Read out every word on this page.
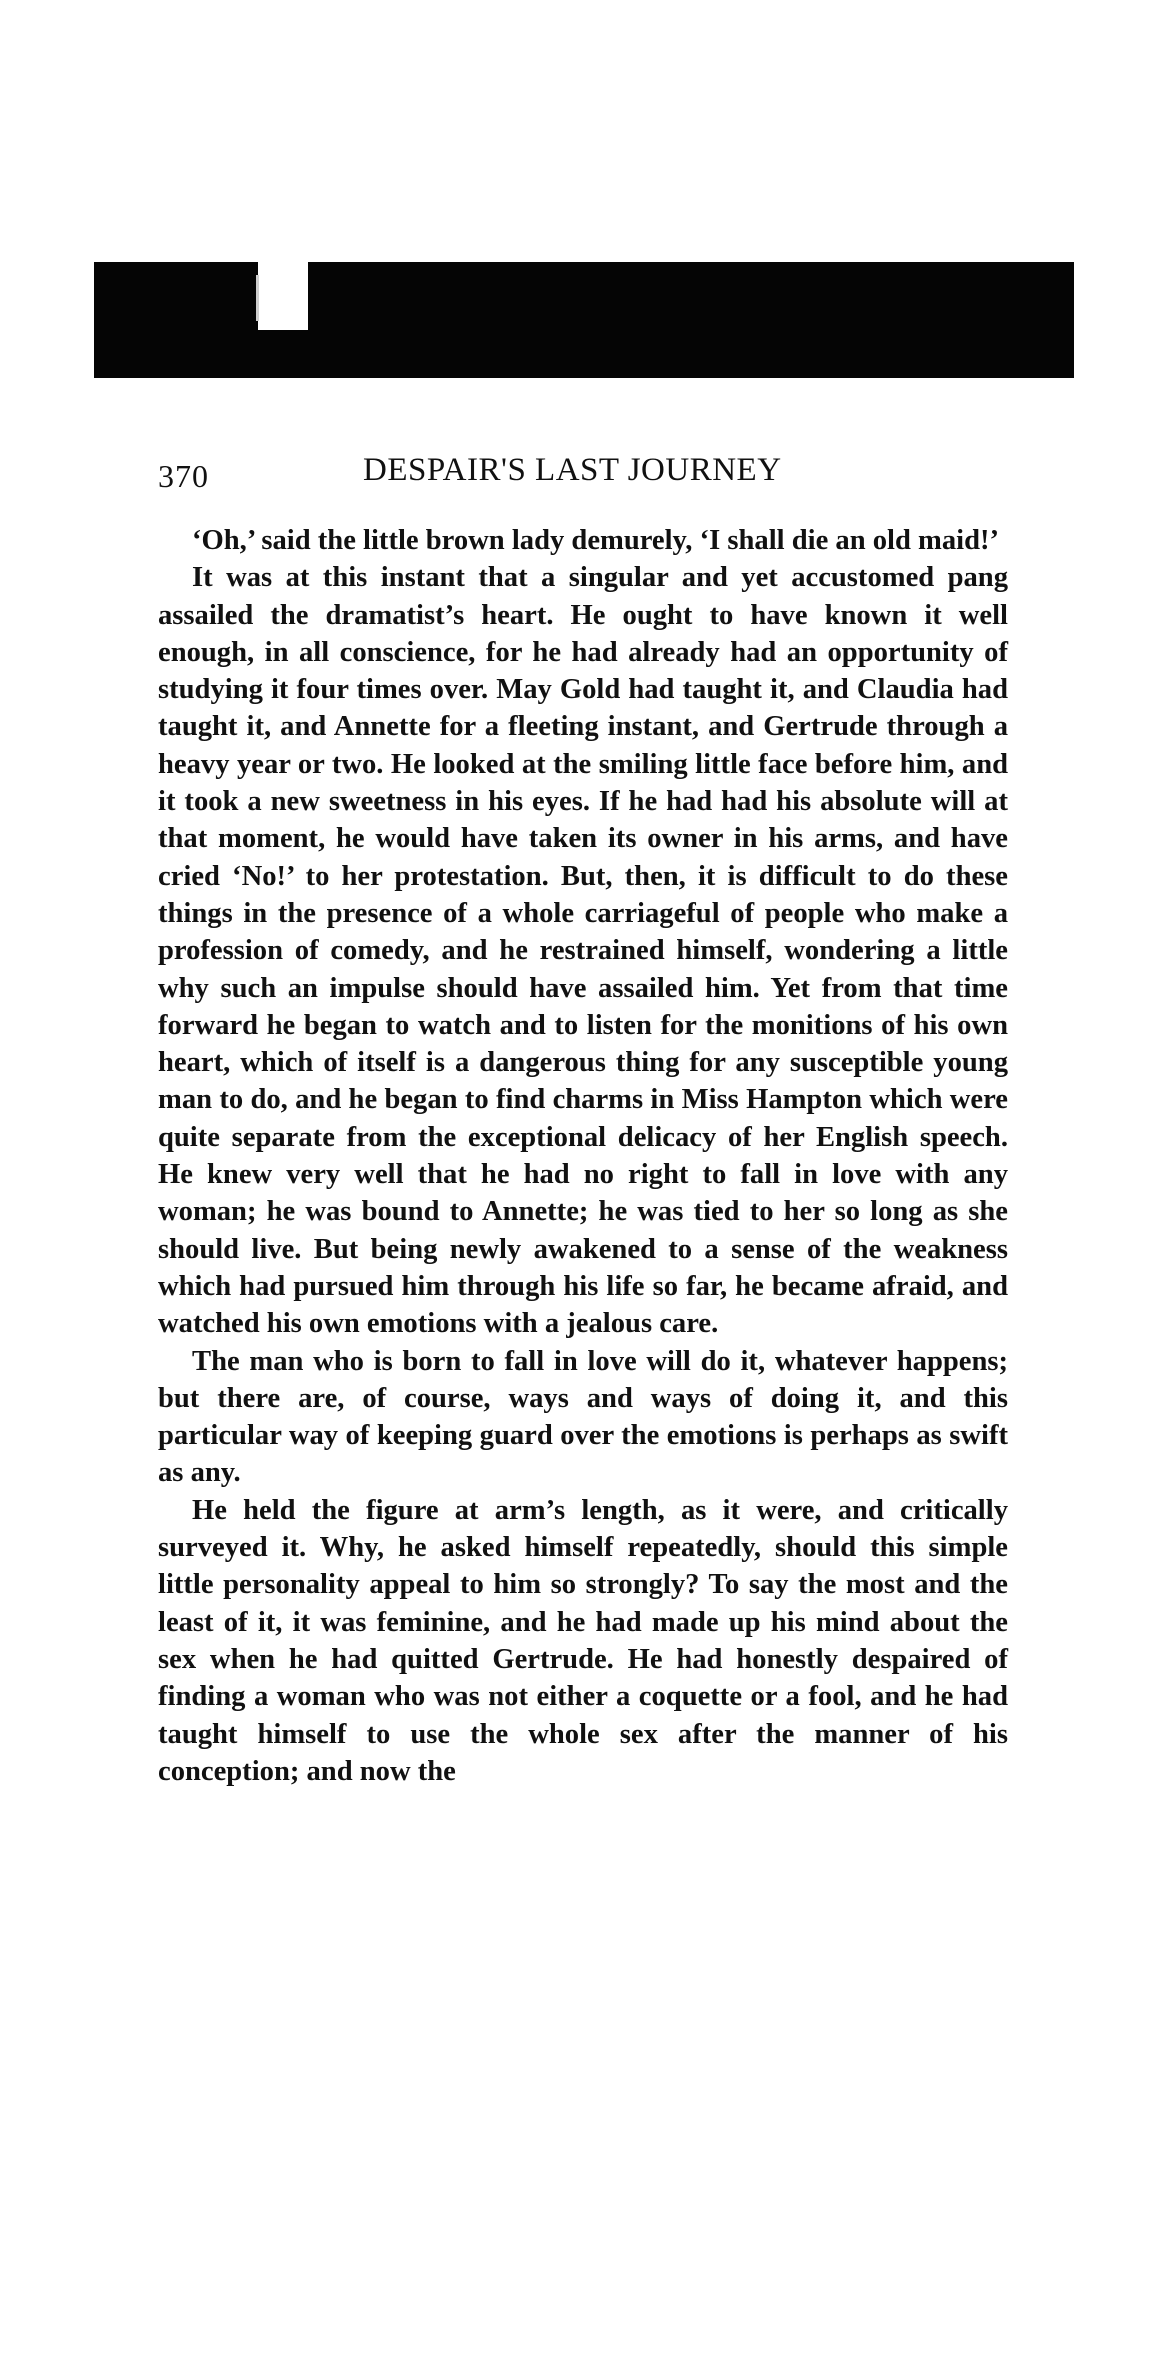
370	DESPAIR'S LAST JOURNEY

‘Oh,’ said the little brown lady demurely, ‘I shall die an old maid!’

It was at this instant that a singular and yet accustomed pang assailed the dramatist’s heart. He ought to have known it well enough, in all conscience, for he had already had an opportunity of studying it four times over. May Gold had taught it, and Claudia had taught it, and Annette for a fleeting instant, and Gertrude through a heavy year or two. He looked at the smiling little face before him, and it took a new sweetness in his eyes. If he had had his absolute will at that moment, he would have taken its owner in his arms, and have cried ‘No!’ to her protestation. But, then, it is difficult to do these things in the presence of a whole carriageful of people who make a profession of comedy, and he restrained himself, wondering a little why such an impulse should have assailed him. Yet from that time forward he began to watch and to listen for the monitions of his own heart, which of itself is a dangerous thing for any susceptible young man to do, and he began to find charms in Miss Hampton which were quite separate from the exceptional delicacy of her English speech. He knew very well that he had no right to fall in love with any woman; he was bound to Annette; he was tied to her so long as she should live. But being newly awakened to a sense of the weakness which had pursued him through his life so far, he became afraid, and watched his own emotions with a jealous care.

The man who is born to fall in love will do it, whatever happens; but there are, of course, ways and ways of doing it, and this particular way of keeping guard over the emotions is perhaps as swift as any.

He held the figure at arm’s length, as it were, and critically surveyed it. Why, he asked himself repeatedly, should this simple little personality appeal to him so strongly? To say the most and the least of it, it was feminine, and he had made up his mind about the sex when he had quitted Gertrude. He had honestly despaired of finding a woman who was not either a coquette or a fool, and he had taught himself to use the whole sex after the manner of his conception; and now the
